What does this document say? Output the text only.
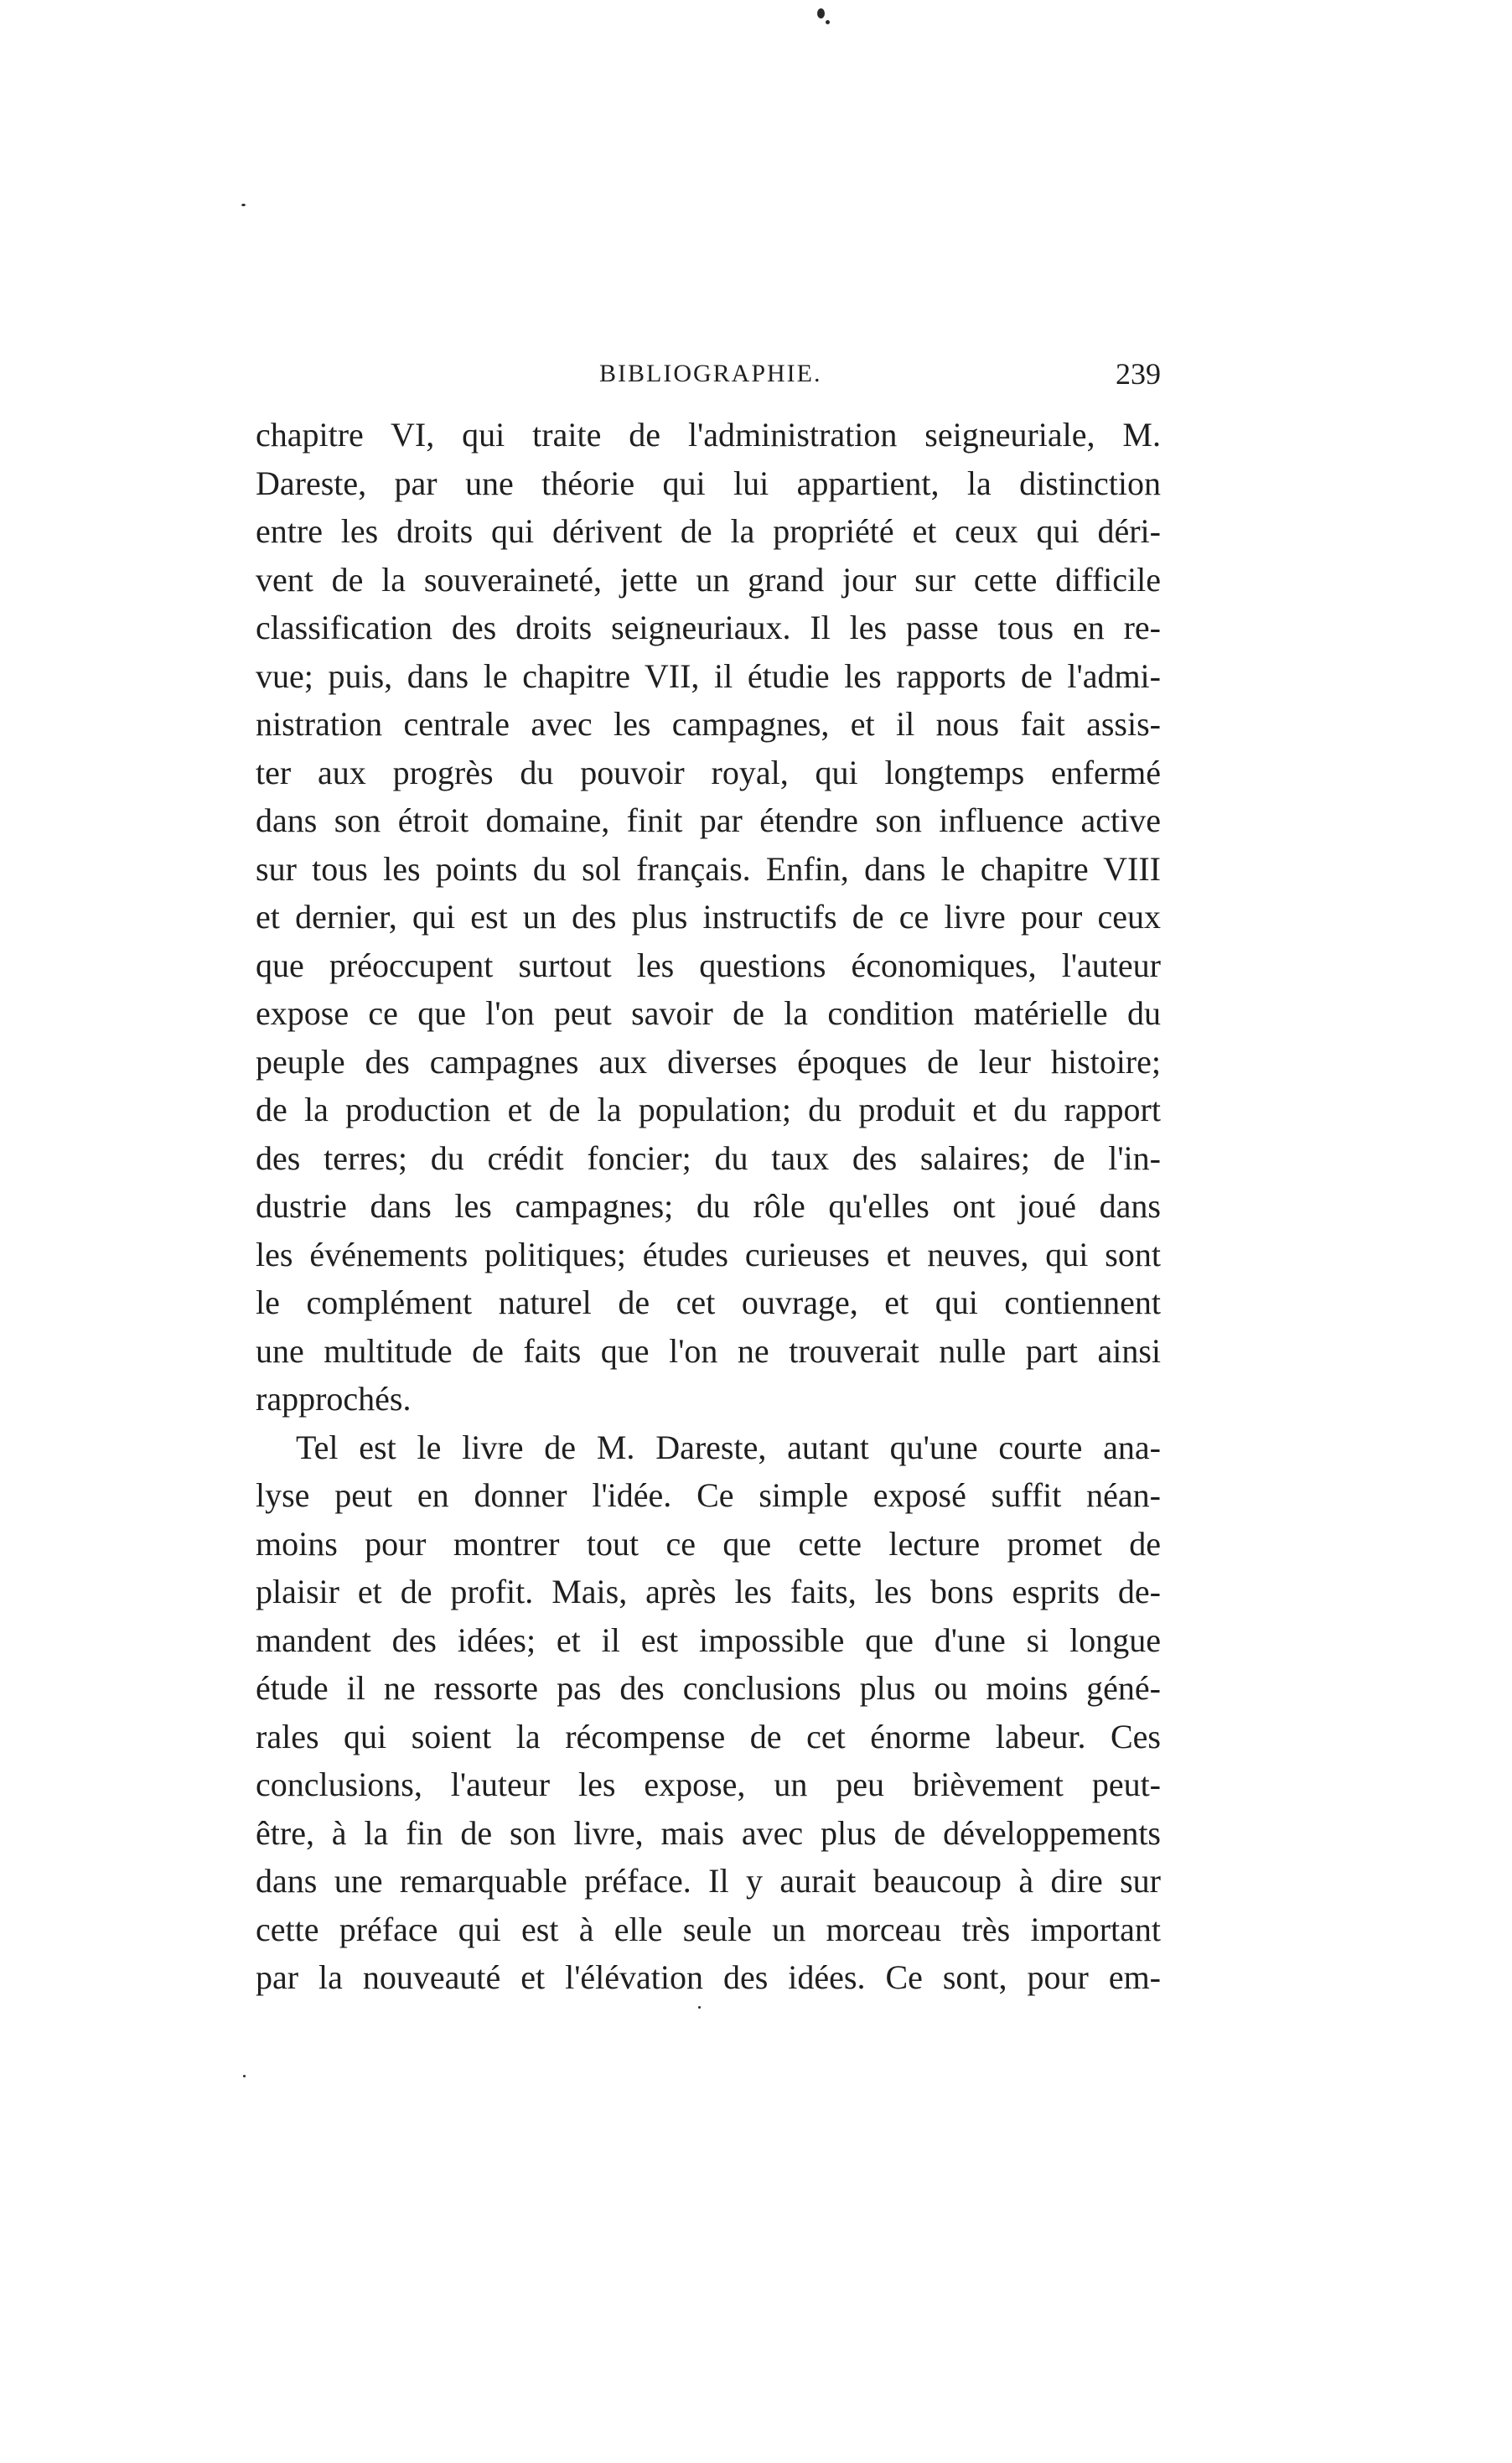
BIBLIOGRAPHIE.	239
chapitre VI, qui traite de l'administration seigneuriale, M.
Dareste, par une théorie qui lui appartient, la distinction
entre les droits qui dérivent de la propriété et ceux qui déri-
vent de la souveraineté, jette un grand jour sur cette difficile
classification des droits seigneuriaux. Il les passe tous en re-
vue; puis, dans le chapitre VII, il étudie les rapports de l'admi-
nistration centrale avec les campagnes, et il nous fait assis-
ter aux progrès du pouvoir royal, qui longtemps enfermé
dans son étroit domaine, finit par étendre son influence active
sur tous les points du sol français. Enfin, dans le chapitre VIII
et dernier, qui est un des plus instructifs de ce livre pour ceux
que préoccupent surtout les questions économiques, l'auteur
expose ce que l'on peut savoir de la condition matérielle du
peuple des campagnes aux diverses époques de leur histoire;
de la production et de la population; du produit et du rapport
des terres; du crédit foncier; du taux des salaires; de l'in-
dustrie dans les campagnes; du rôle qu'elles ont joué dans
les événements politiques; études curieuses et neuves, qui sont
le complément naturel de cet ouvrage, et qui contiennent
une multitude de faits que l'on ne trouverait nulle part ainsi
rapprochés.
Tel est le livre de M. Dareste, autant qu'une courte ana-
lyse peut en donner l'idée. Ce simple exposé suffit néan-
moins pour montrer tout ce que cette lecture promet de
plaisir et de profit. Mais, après les faits, les bons esprits de-
mandent des idées; et il est impossible que d'une si longue
étude il ne ressorte pas des conclusions plus ou moins géné-
rales qui soient la récompense de cet énorme labeur. Ces
conclusions, l'auteur les expose, un peu brièvement peut-
être, à la fin de son livre, mais avec plus de développements
dans une remarquable préface. Il y aurait beaucoup à dire sur
cette préface qui est à elle seule un morceau très important
par la nouveauté et l'élévation des idées. Ce sont, pour em-
